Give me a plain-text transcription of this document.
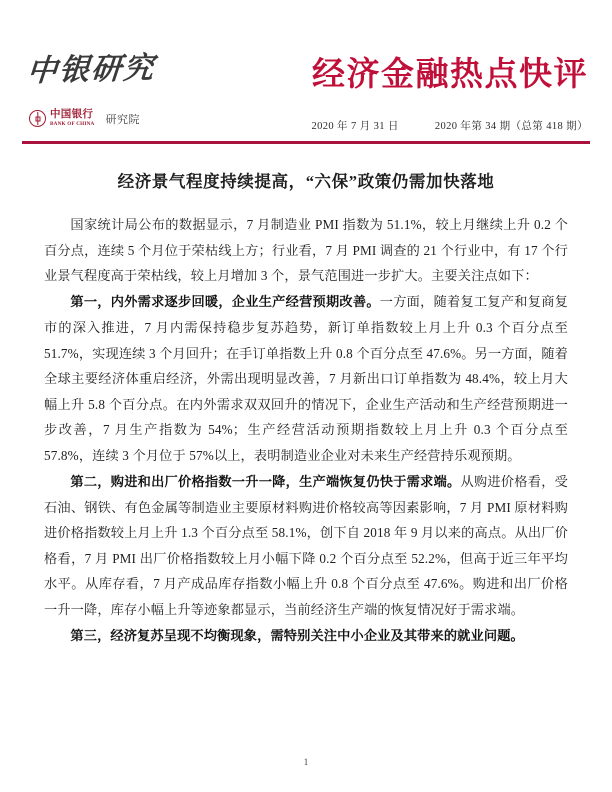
中银研究
中国银行
BANK OF CHINA 研究院
经济金融热点快评
2020 年 7 月 31 日	2020 年第 34 期（总第 418 期）
经济景气程度持续提高，“六保”政策仍需加快落地

国家统计局公布的数据显示，7 月制造业 PMI 指数为 51.1%，较上月继续上升 0.2 个百分点，连续 5 个月位于荣枯线上方；行业看，7 月 PMI 调查的 21 个行业中，有 17 个行业景气程度高于荣枯线，较上月增加 3 个，景气范围进一步扩大。主要关注点如下：

第一，内外需求逐步回暖，企业生产经营预期改善。一方面，随着复工复产和复商复市的深入推进，7 月内需保持稳步复苏趋势，新订单指数较上月上升 0.3 个百分点至 51.7%，实现连续 3 个月回升；在手订单指数上升 0.8 个百分点至 47.6%。另一方面，随着全球主要经济体重启经济，外需出现明显改善，7 月新出口订单指数为 48.4%，较上月大幅上升 5.8 个百分点。在内外需求双双回升的情况下，企业生产活动和生产经营预期进一步改善，7 月生产指数为 54%；生产经营活动预期指数较上月上升 0.3 个百分点至 57.8%，连续 3 个月位于 57%以上，表明制造业企业对未来生产经营持乐观预期。

第二，购进和出厂价格指数一升一降，生产端恢复仍快于需求端。从购进价格看，受石油、钢铁、有色金属等制造业主要原材料购进价格较高等因素影响，7 月 PMI 原材料购进价格指数较上月上升 1.3 个百分点至 58.1%，创下自 2018 年 9 月以来的高点。从出厂价格看，7 月 PMI 出厂价格指数较上月小幅下降 0.2 个百分点至 52.2%，但高于近三年平均水平。从库存看，7 月产成品库存指数小幅上升 0.8 个百分点至 47.6%。购进和出厂价格一升一降，库存小幅上升等迹象都显示，当前经济生产端的恢复情况好于需求端。

第三，经济复苏呈现不均衡现象，需特别关注中小企业及其带来的就业问题。

1
